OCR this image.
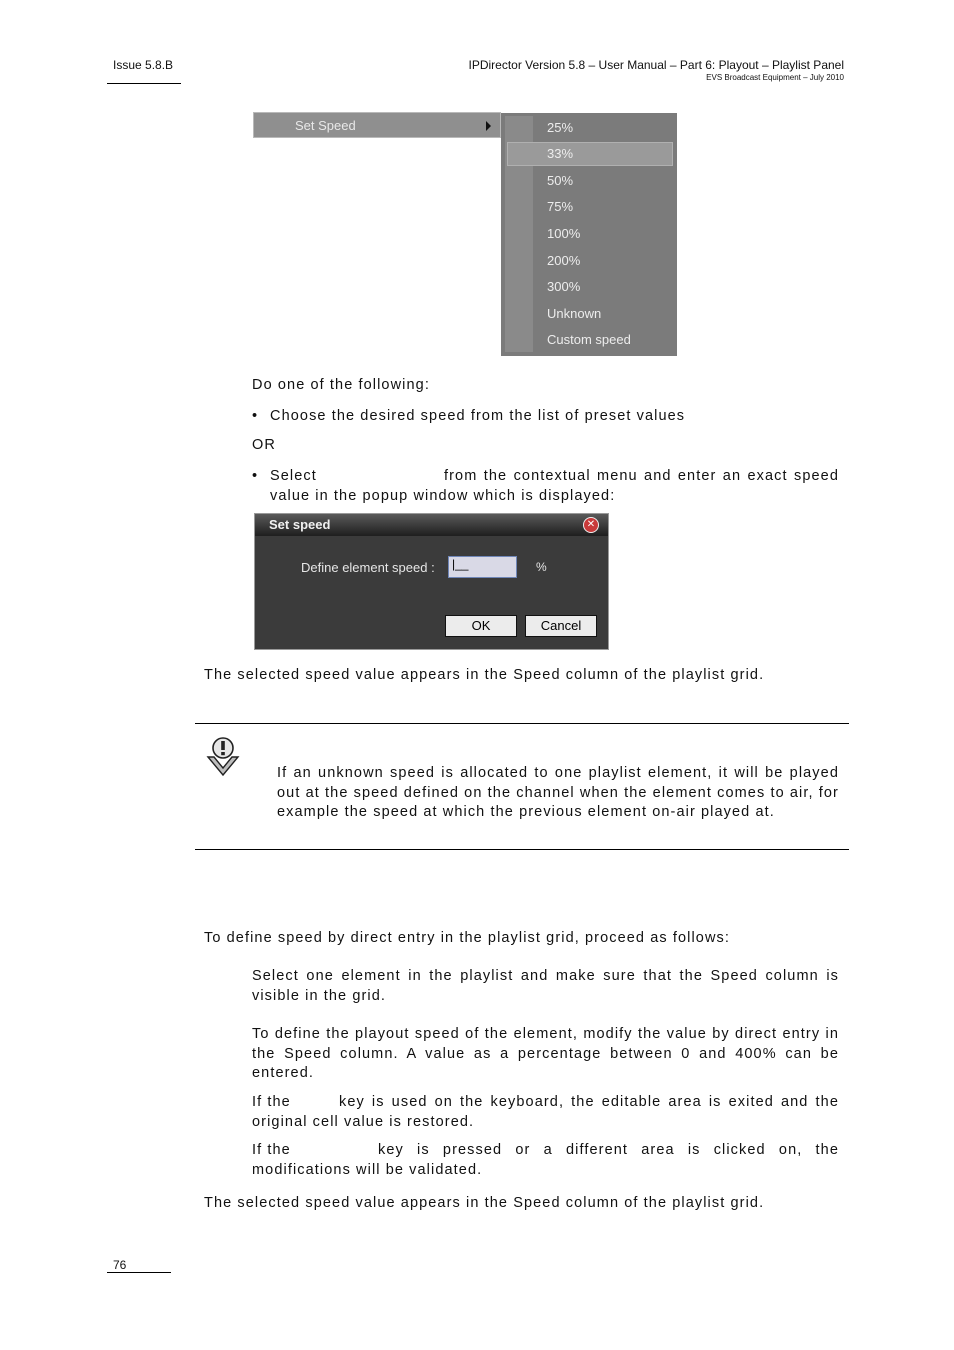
Issue 5.8.B	IPDirector Version 5.8 – User Manual – Part 6: Playout – Playlist Panel
EVS Broadcast Equipment – July 2010
Set Speed	25%
33%
50%
75%
100%
200%
300%
Unknown
Custom speed
Do one of the following:
• Choose the desired speed from the list of preset values
OR
• Select	from the contextual menu and enter an exact speed value in the popup window which is displayed:
Set speed	✕
Define element speed :	|__	%
OK	Cancel
The selected speed value appears in the Speed column of the playlist grid.
If an unknown speed is allocated to one playlist element, it will be played out at the speed defined on the channel when the element comes to air, for example the speed at which the previous element on-air played at.
To define speed by direct entry in the playlist grid, proceed as follows:
Select one element in the playlist and make sure that the Speed column is visible in the grid.
To define the playout speed of the element, modify the value by direct entry in the Speed column. A value as a percentage between 0 and 400% can be entered.
If the	key is used on the keyboard, the editable area is exited and the original cell value is restored.
If the	key is pressed or a different area is clicked on, the modifications will be validated.
The selected speed value appears in the Speed column of the playlist grid.
76
